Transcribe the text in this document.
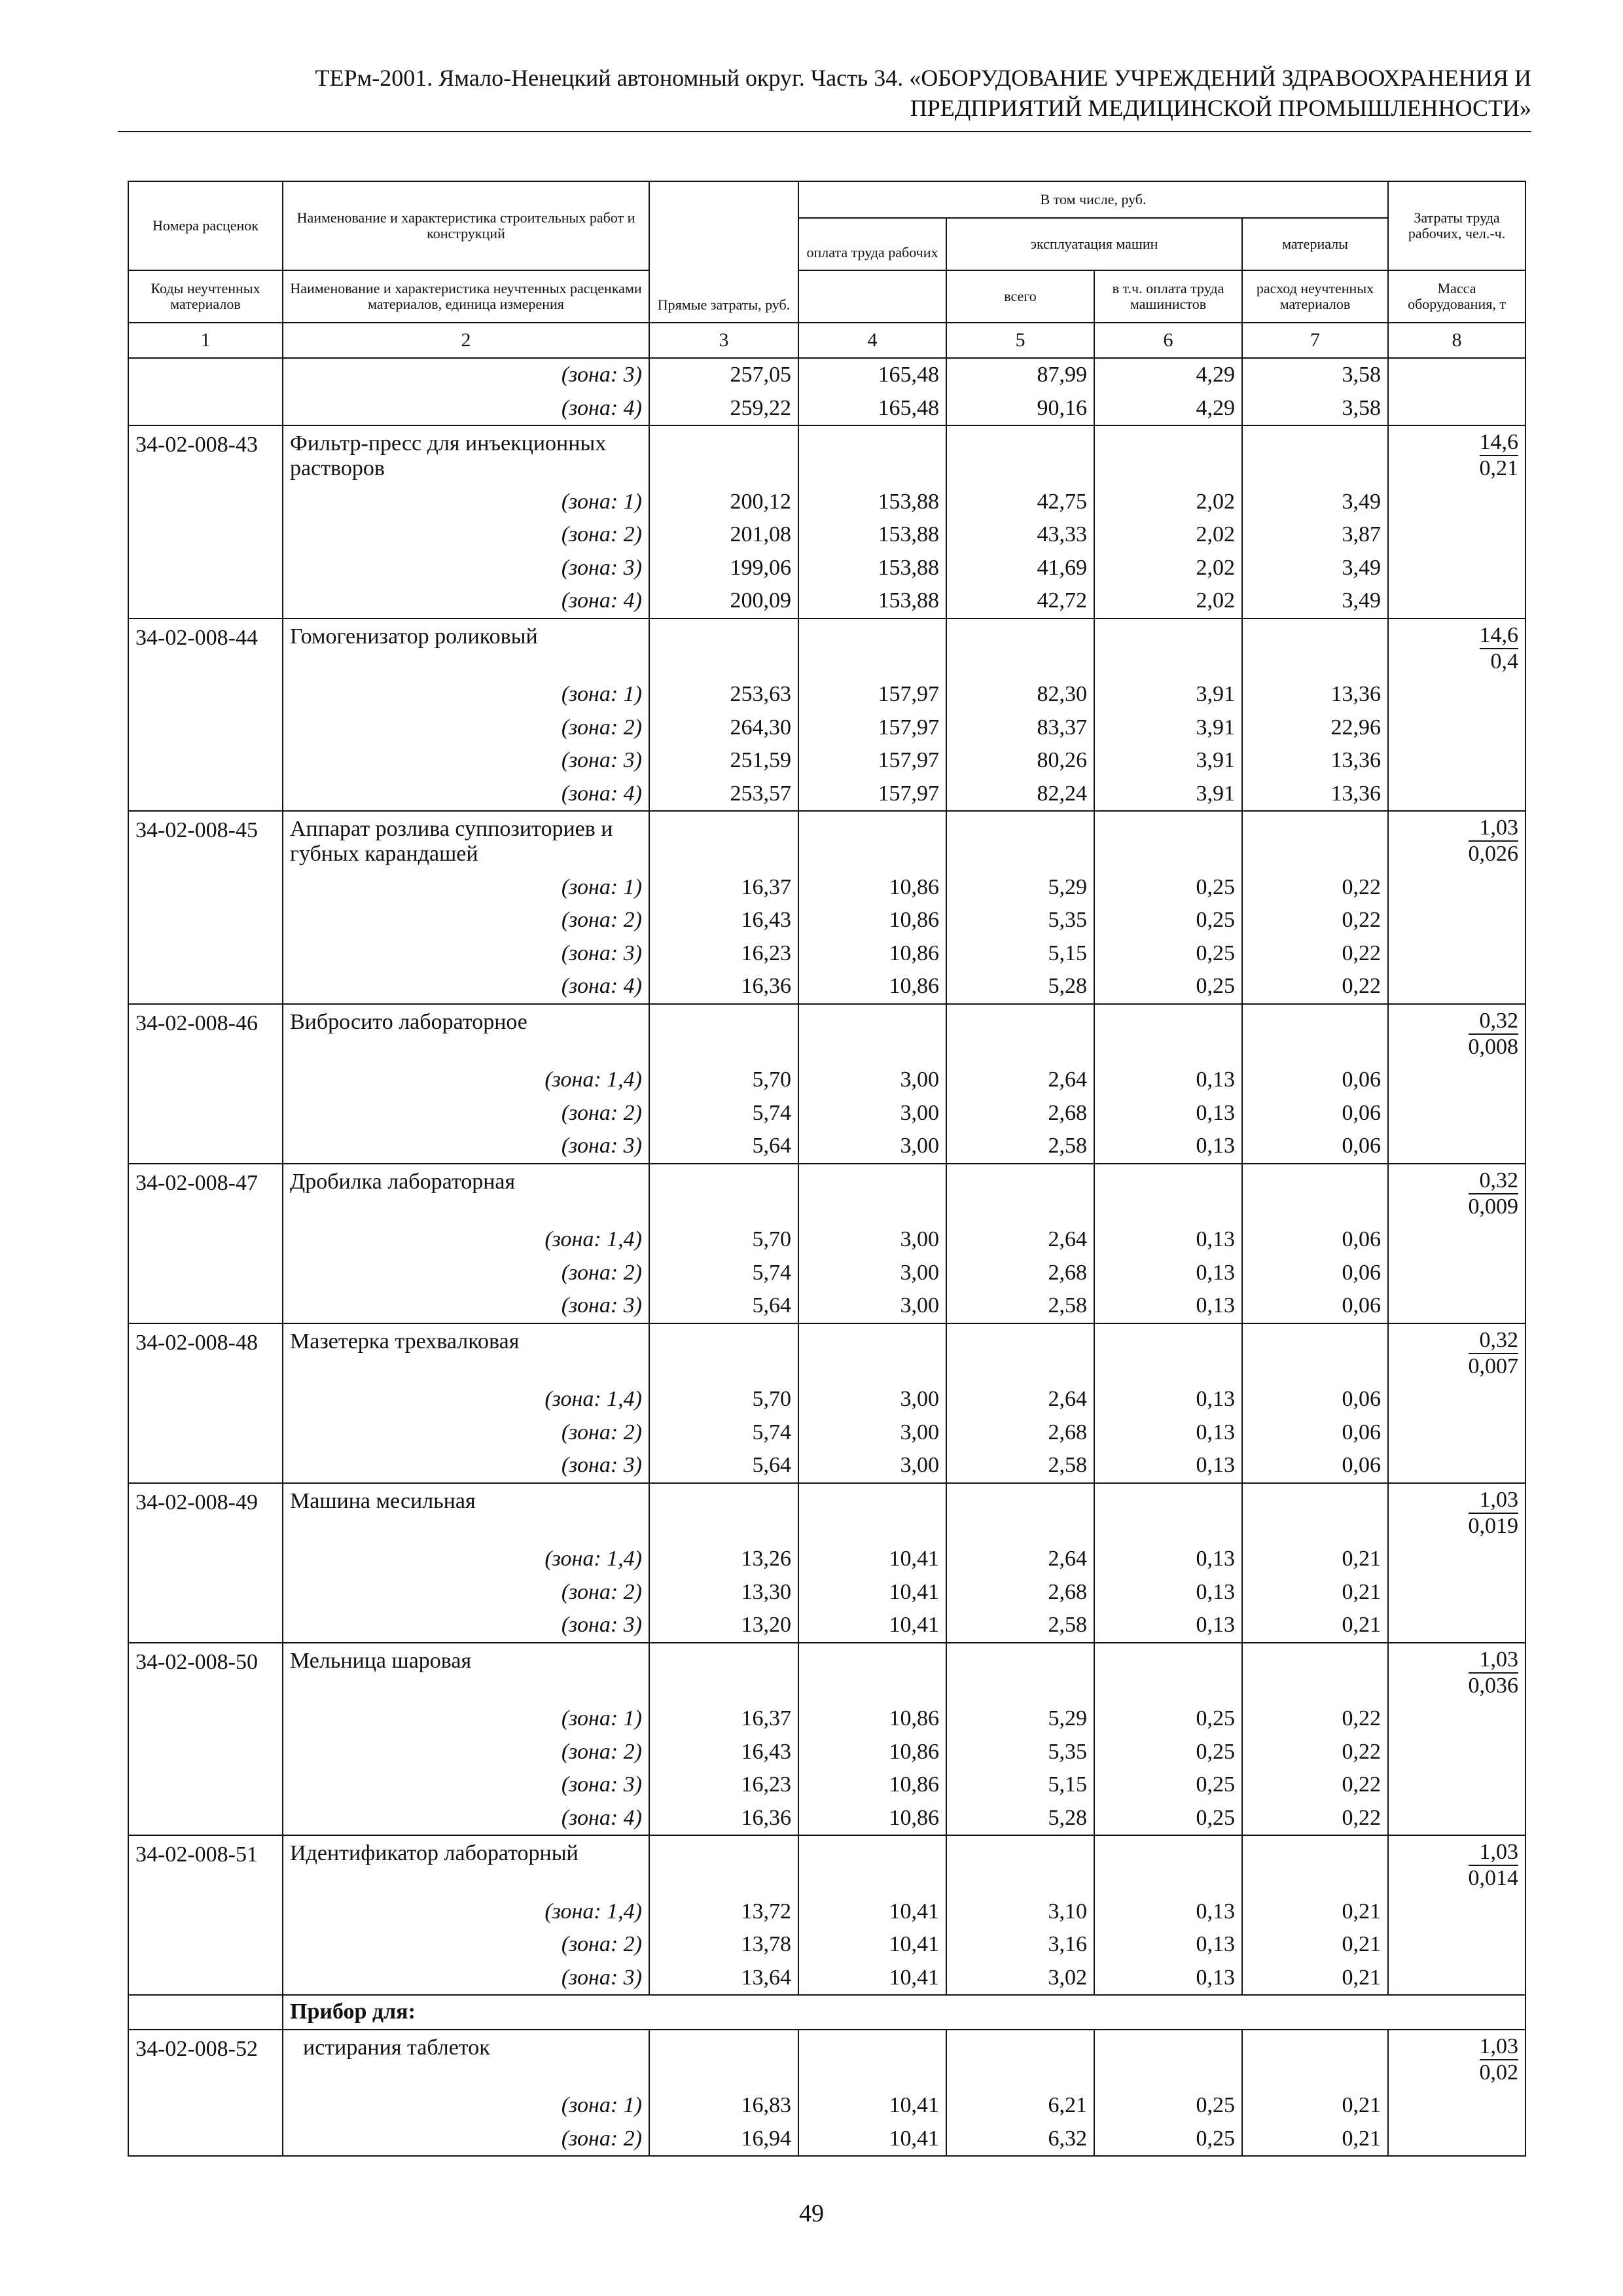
ТЕРм-2001. Ямало-Ненецкий автономный округ. Часть 34. «ОБОРУДОВАНИЕ УЧРЕЖДЕНИЙ ЗДРАВООХРАНЕНИЯ И
ПРЕДПРИЯТИЙ МЕДИЦИНСКОЙ ПРОМЫШЛЕННОСТИ»
Номера расценок	Наименование и характеристика строительных работ и конструкций	Прямые затраты, руб.	В том числе, руб.				Затраты труда рабочих, чел.-ч.
			оплата труда рабочих	эксплуатация машин		материалы	
				всего	в т.ч. оплата труда машинистов	расход неучтенных материалов	
Коды неучтенных материалов	Наименование и характеристика неучтенных расценками материалов, единица измерения						Масса оборудования, т

1	2	3	4	5	6	7	8
	(зона: 3)	257,05	165,48	87,99	4,29	3,58	
	(зона: 4)	259,22	165,48	90,16	4,29	3,58	
34-02-008-43	Фильтр-пресс для инъекционных растворов						$\frac{14,6}{0,21}$

	(зона: 1)	200,12	153,88	42,75	2,02	3,49	
	(зона: 2)	201,08	153,88	43,33	2,02	3,87	
	(зона: 3)	199,06	153,88	41,69	2,02	3,49	
	(зона: 4)	200,09	153,88	42,72	2,02	3,49	
34-02-008-44	Гомогенизатор роликовый						$\frac{14,6}{0,4}$

	(зона: 1)	253,63	157,97	82,30	3,91	13,36	
	(зона: 2)	264,30	157,97	83,37	3,91	22,96	
	(зона: 3)	251,59	157,97	80,26	3,91	13,36	
	(зона: 4)	253,57	157,97	82,24	3,91	13,36	
34-02-008-45	Аппарат розлива суппозиториев и губных карандашей						$\frac{1,03}{0,026}$

	(зона: 1)	16,37	10,86	5,29	0,25	0,22	
	(зона: 2)	16,43	10,86	5,35	0,25	0,22	
	(зона: 3)	16,23	10,86	5,15	0,25	0,22	
	(зона: 4)	16,36	10,86	5,28	0,25	0,22	
34-02-008-46	Вибросито лабораторное						$\frac{0,32}{0,008}$

	(зона: 1,4)	5,70	3,00	2,64	0,13	0,06	
	(зона: 2)	5,74	3,00	2,68	0,13	0,06	
	(зона: 3)	5,64	3,00	2,58	0,13	0,06	
34-02-008-47	Дробилка лабораторная						$\frac{0,32}{0,009}$

	(зона: 1,4)	5,70	3,00	2,64	0,13	0,06	
	(зона: 2)	5,74	3,00	2,68	0,13	0,06	
	(зона: 3)	5,64	3,00	2,58	0,13	0,06	
34-02-008-48	Мазетерка трехвалковая						$\frac{0,32}{0,007}$

	(зона: 1,4)	5,70	3,00	2,64	0,13	0,06	
	(зона: 2)	5,74	3,00	2,68	0,13	0,06	
	(зона: 3)	5,64	3,00	2,58	0,13	0,06	
34-02-008-49	Машина месильная						$\frac{1,03}{0,019}$

	(зона: 1,4)	13,26	10,41	2,64	0,13	0,21	
	(зона: 2)	13,30	10,41	2,68	0,13	0,21	
	(зона: 3)	13,20	10,41	2,58	0,13	0,21	
34-02-008-50	Мельница шаровая						$\frac{1,03}{0,036}$

	(зона: 1)	16,37	10,86	5,29	0,25	0,22	
	(зона: 2)	16,43	10,86	5,35	0,25	0,22	
	(зона: 3)	16,23	10,86	5,15	0,25	0,22	
	(зона: 4)	16,36	10,86	5,28	0,25	0,22	
34-02-008-51	Идентификатор лабораторный						$\frac{1,03}{0,014}$

	(зона: 1,4)	13,72	10,41	3,10	0,13	0,21	
	(зона: 2)	13,78	10,41	3,16	0,13	0,21	
	(зона: 3)	13,64	10,41	3,02	0,13	0,21	
	Прибор для:						
34-02-008-52	истирания таблеток						$\frac{1,03}{0,02}$

	(зона: 1)	16,83	10,41	6,21	0,25	0,21	
	(зона: 2)	16,94	10,41	6,32	0,25	0,21	
49
